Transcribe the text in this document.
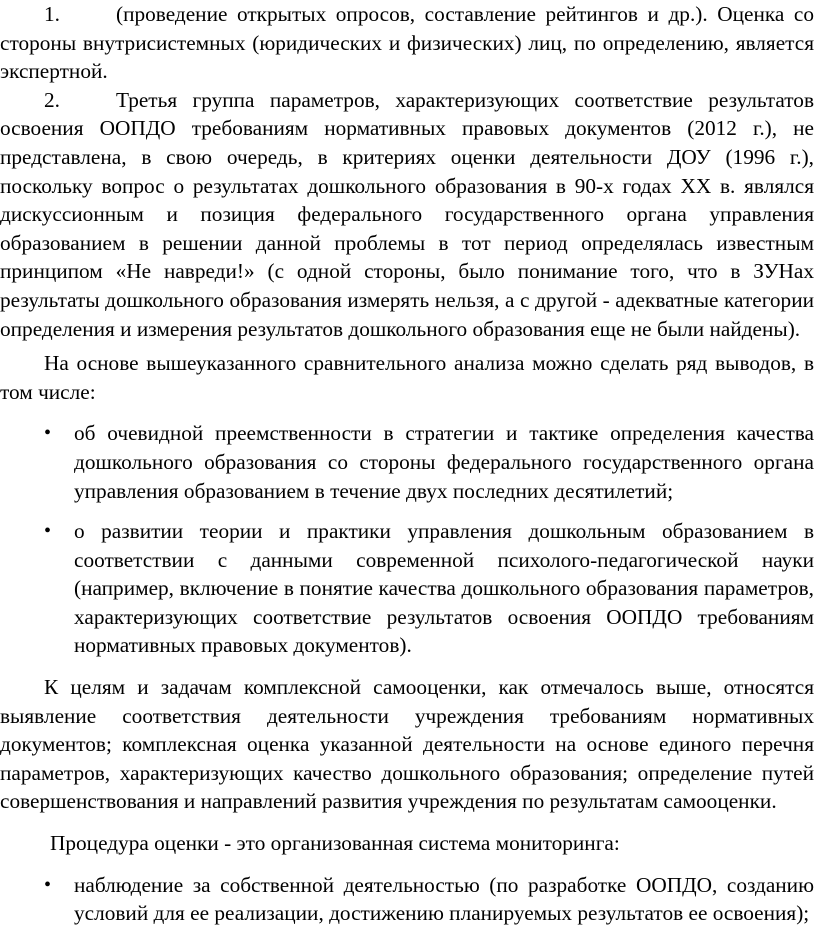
1.	(проведение открытых опросов, составление рейтингов и др.). Оценка со стороны внутрисистемных (юридических и физических) лиц, по определению, является экспертной.

2.	Третья группа параметров, характеризующих соответствие результатов освоения ООПДО требованиям нормативных правовых документов (2012 г.), не представлена, в свою очередь, в критериях оценки деятельности ДОУ (1996 г.), поскольку вопрос о результатах дошкольного образования в 90-х годах XX в. являлся дискуссионным и позиция федерального государственного органа управления образованием в решении данной проблемы в тот период определялась известным принципом «Не навреди!» (с одной стороны, было понимание того, что в ЗУНах результаты дошкольного образования измерять нельзя, а с другой - адекватные категории определения и измерения результатов дошкольного образования еще не были найдены).

На основе вышеуказанного сравнительного анализа можно сделать ряд выводов, в том числе:

• об очевидной преемственности в стратегии и тактике определения качества дошкольного образования со стороны федерального государственного органа управления образованием в течение двух последних десятилетий;
• о развитии теории и практики управления дошкольным образованием в соответствии с данными современной психолого-педагогической науки (например, включение в понятие качества дошкольного образования параметров, характеризующих соответствие результатов освоения ООПДО требованиям нормативных правовых документов).

К целям и задачам комплексной самооценки, как отмечалось выше, относятся выявление соответствия деятельности учреждения требованиям нормативных документов; комплексная оценка указанной деятельности на основе единого перечня параметров, характеризующих качество дошкольного образования; определение путей совершенствования и направлений развития учреждения по результатам самооценки.

Процедура оценки - это организованная система мониторинга:

• наблюдение за собственной деятельностью (по разработке ООПДО, созданию условий для ее реализации, достижению планируемых результатов ее освоения);
